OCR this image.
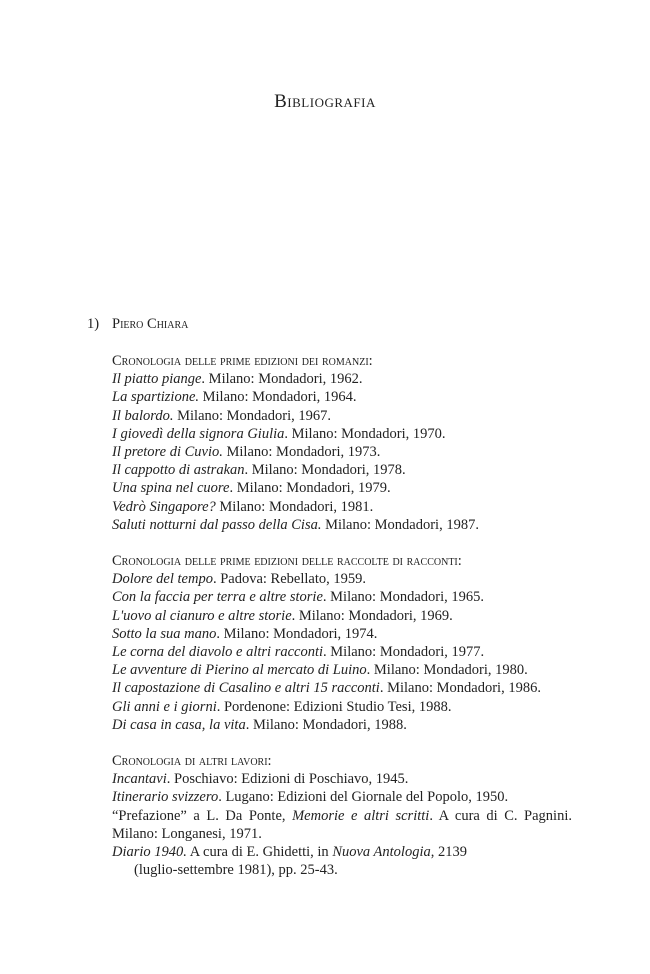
Bibliografia

1) Piero Chiara

Cronologia delle prime edizioni dei romanzi:

Il piatto piange. Milano: Mondadori, 1962.

La spartizione. Milano: Mondadori, 1964.

Il balordo. Milano: Mondadori, 1967.

I giovedì della signora Giulia. Milano: Mondadori, 1970.

Il pretore di Cuvio. Milano: Mondadori, 1973.

Il cappotto di astrakan. Milano: Mondadori, 1978.

Una spina nel cuore. Milano: Mondadori, 1979.

Vedrò Singapore? Milano: Mondadori, 1981.

Saluti notturni dal passo della Cisa. Milano: Mondadori, 1987.

Cronologia delle prime edizioni delle raccolte di racconti:

Dolore del tempo. Padova: Rebellato, 1959.

Con la faccia per terra e altre storie. Milano: Mondadori, 1965.

L'uovo al cianuro e altre storie. Milano: Mondadori, 1969.

Sotto la sua mano. Milano: Mondadori, 1974.

Le corna del diavolo e altri racconti. Milano: Mondadori, 1977.

Le avventure di Pierino al mercato di Luino. Milano: Mondadori, 1980.

Il capostazione di Casalino e altri 15 racconti. Milano: Mondadori, 1986.

Gli anni e i giorni. Pordenone: Edizioni Studio Tesi, 1988.

Di casa in casa, la vita. Milano: Mondadori, 1988.

Cronologia di altri lavori:

Incantavi. Poschiavo: Edizioni di Poschiavo, 1945.

Itinerario svizzero. Lugano: Edizioni del Giornale del Popolo, 1950.

“Prefazione” a L. Da Ponte, Memorie e altri scritti. A cura di C. Pagnini.

Milano: Longanesi, 1971.

Diario 1940. A cura di E. Ghidetti, in Nuova Antologia, 2139
(luglio-settembre 1981), pp. 25-43.
